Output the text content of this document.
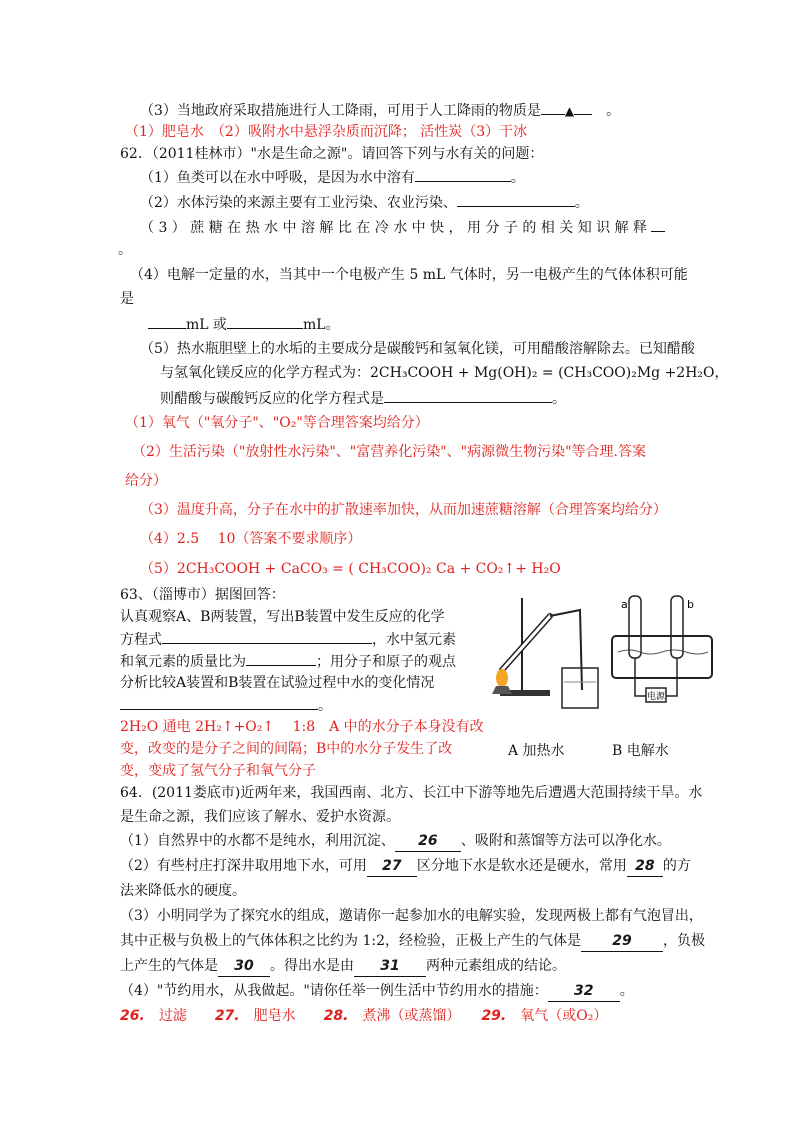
（3）当地政府采取措施进行人工降雨，可用于人工降雨的物质是 ▲　 。
（1）肥皂水　（2）吸附水中悬浮杂质而沉降； 活性炭（3）干冰
62．（2011桂林市）"水是生命之源"。请回答下列与水有关的问题：
（1）鱼类可以在水中呼吸，是因为水中溶有	。
（2）水体污染的来源主要有工业污染、农业污染、	。
（ 3 ） 蔗 糖 在 热 水 中 溶 解 比 在 冷 水 中 快 ， 用 分 子 的 相 关 知 识 解 释
。
（4）电解一定量的水，当其中一个电极产生 5 mL 气体时，另一电极产生的气体体积可能
是
mL 或	mL。
（5）热水瓶胆壁上的水垢的主要成分是碳酸钙和氢氧化镁，可用醋酸溶解除去。已知醋酸
与氢氧化镁反应的化学方程式为：2CH₃COOH + Mg(OH)₂ = (CH₃COO)₂Mg +2H₂O，
则醋酸与碳酸钙反应的化学方程式是	。
（1）氧气（"氧分子"、"O₂"等合理答案均给分）
（2）生活污染（"放射性水污染"、"富营养化污染"、"病源微生物污染"等合理.答案
给分）
（3）温度升高，分子在水中的扩散速率加快，从而加速蔗糖溶解（合理答案均给分）
（4）2.5　 10（答案不要求顺序）
（5）2CH₃COOH + CaCO₃ = ( CH₃COO)₂ Ca + CO₂↑+ H₂O
63、（淄博市）据图回答：
认真观察A、B两装置，写出B装置中发生反应的化学
方程式	，水中氢元素
和氧元素的质量比为	；用分子和原子的观点
分析比较A装置和B装置在试验过程中水的变化情况
。
2H₂O 通电 2H₂↑+O₂↑　 1:8　A 中的水分子本身没有改
变，改变的是分子之间的间隔；B中的水分子发生了改
变，变成了氢气分子和氧气分子
电源
a	b
A 加热水	B 电解水
64．(2011娄底市)近两年来，我国西南、北方、长江中下游等地先后遭遇大范围持续干旱。水
是生命之源，我们应该了解水、爱护水资源。
（1）自然界中的水都不是纯水，利用沉淀、 26 、吸附和蒸馏等方法可以净化水。
（2）有些村庄打深井取用地下水，可用 27 区分地下水是软水还是硬水，常用 28 的方
法来降低水的硬度。
（3）小明同学为了探究水的组成，邀请你一起参加水的电解实验，发现两极上都有气泡冒出，
其中正极与负极上的气体体积之比约为 1:2，经检验，正极上产生的气体是 29 ，负极
上产生的气体是 30 。得出水是由 31 两种元素组成的结论。
（4）"节约用水，从我做起。"请你任举一例生活中节约用水的措施： 32 。
26.　 过滤　　 27.　 肥皂水　　 28.　 煮沸（或蒸馏）　　 29.　 氧气（或O₂）
